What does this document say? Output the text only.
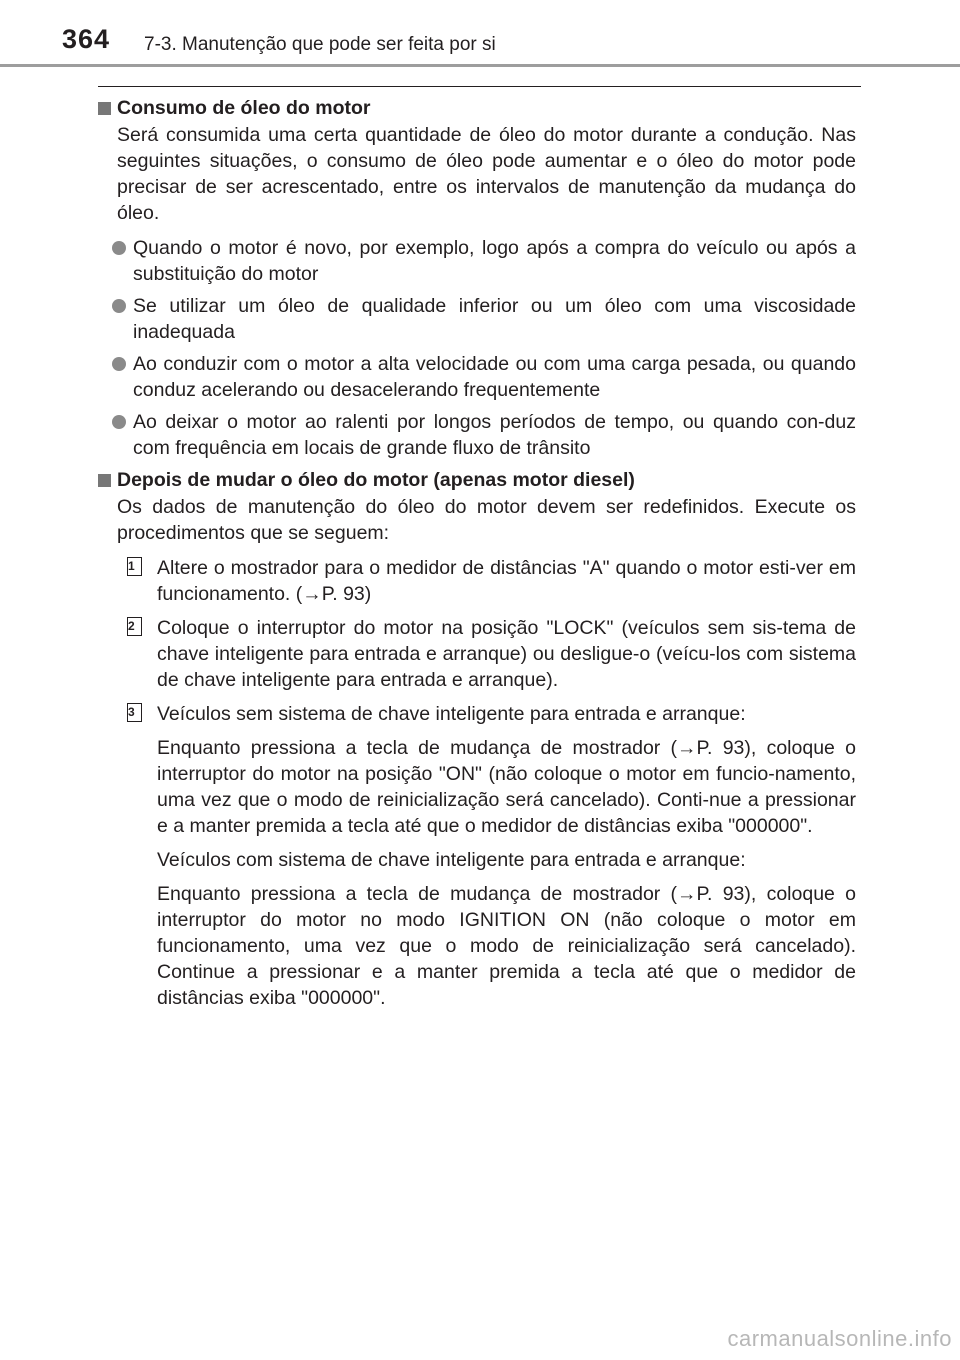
364 7-3. Manutenção que pode ser feita por si
Consumo de óleo do motor

Será consumida uma certa quantidade de óleo do motor durante a condução. Nas seguintes situações, o consumo de óleo pode aumentar e o óleo do motor pode precisar de ser acrescentado, entre os intervalos de manutenção da mudança do óleo.

Quando o motor é novo, por exemplo, logo após a compra do veículo ou após a substituição do motor
Se utilizar um óleo de qualidade inferior ou um óleo com uma viscosidade inadequada
Ao conduzir com o motor a alta velocidade ou com uma carga pesada, ou quando conduz acelerando ou desacelerando frequentemente
Ao deixar o motor ao ralenti por longos períodos de tempo, ou quando con-duz com frequência em locais de grande fluxo de trânsito
Depois de mudar o óleo do motor (apenas motor diesel)

Os dados de manutenção do óleo do motor devem ser redefinidos. Execute os procedimentos que se seguem:

1	Altere o mostrador para o medidor de distâncias "A" quando o motor esti-ver em funcionamento. (→P. 93)
2	Coloque o interruptor do motor na posição "LOCK" (veículos sem sis-tema de chave inteligente para entrada e arranque) ou desligue-o (veícu-los com sistema de chave inteligente para entrada e arranque).
3	Veículos sem sistema de chave inteligente para entrada e arranque:

Enquanto pressiona a tecla de mudança de mostrador (→P. 93), coloque o interruptor do motor na posição "ON" (não coloque o motor em funcio-namento, uma vez que o modo de reinicialização será cancelado). Conti-nue a pressionar e a manter premida a tecla até que o medidor de distâncias exiba "000000".

Veículos com sistema de chave inteligente para entrada e arranque:

Enquanto pressiona a tecla de mudança de mostrador (→P. 93), coloque o interruptor do motor no modo IGNITION ON (não coloque o motor em funcionamento, uma vez que o modo de reinicialização será cancelado). Continue a pressionar e a manter premida a tecla até que o medidor de distâncias exiba "000000".

carmanualsonline.info
